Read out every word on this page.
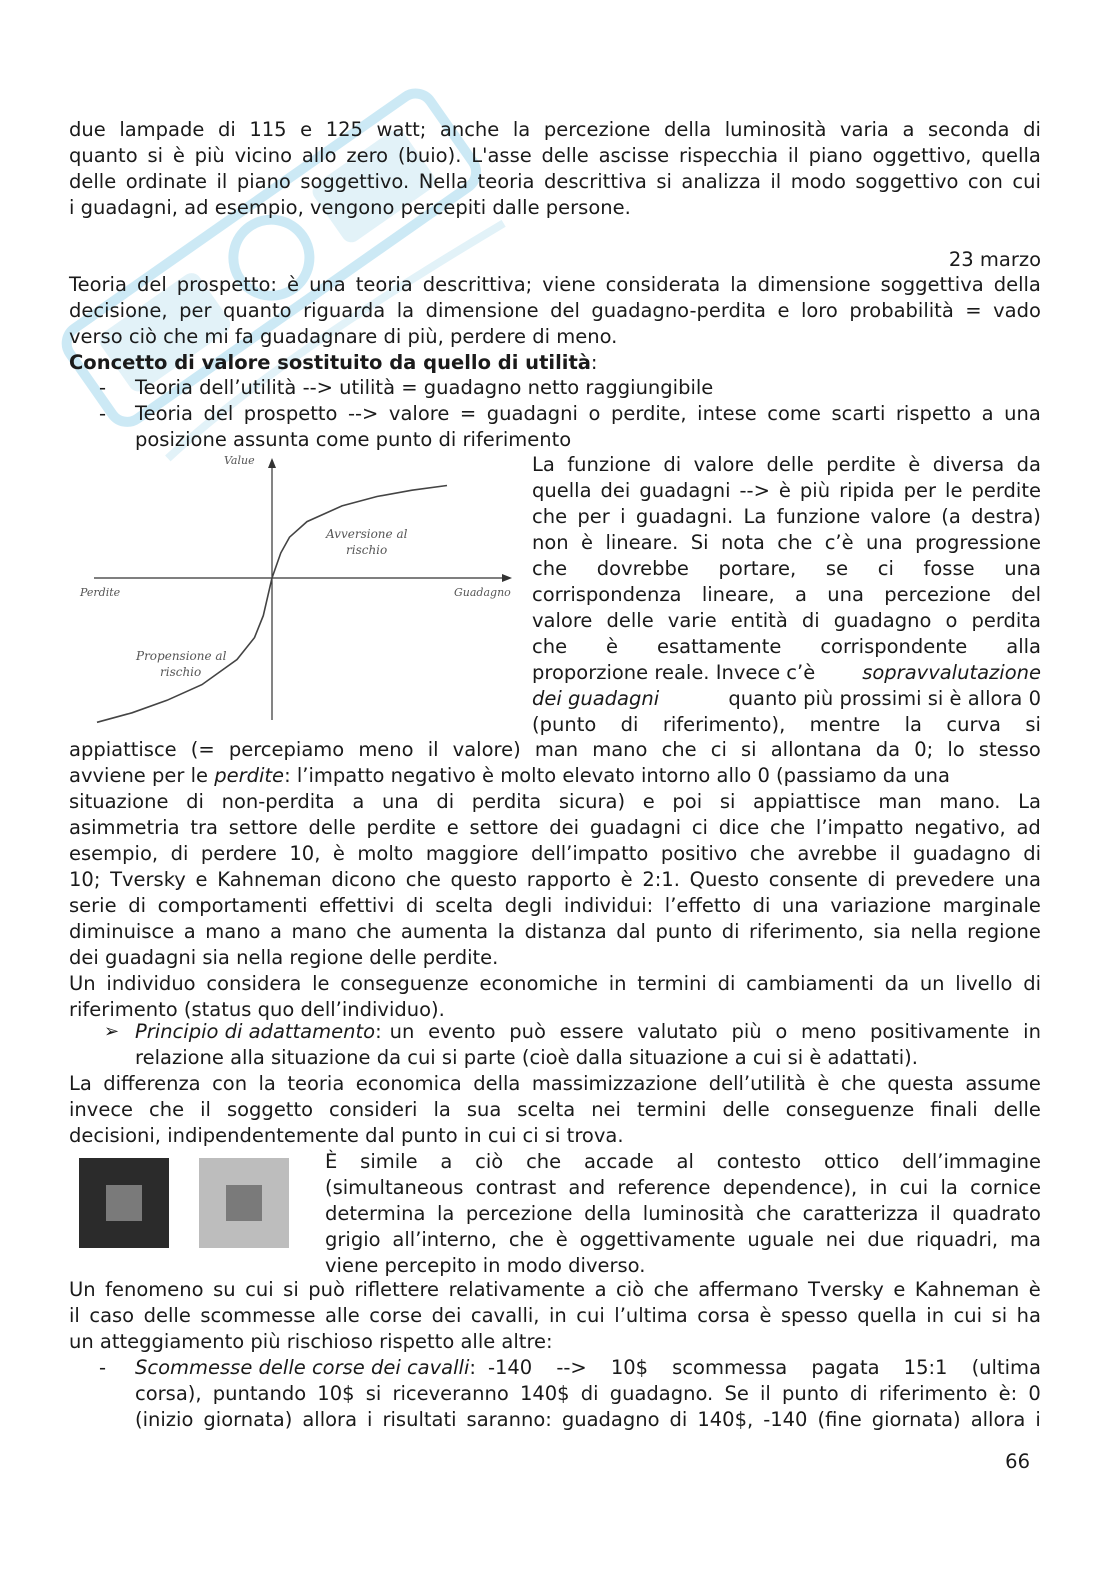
due lampade di 115 e 125 watt; anche la percezione della luminosità varia a seconda di
quanto si è più vicino allo zero (buio). L'asse delle ascisse rispecchia il piano oggettivo, quella
delle ordinate il piano soggettivo. Nella teoria descrittiva si analizza il modo soggettivo con cui
i guadagni, ad esempio, vengono percepiti dalle persone.
23 marzo
Teoria del prospetto: è una teoria descrittiva; viene considerata la dimensione soggettiva della
decisione, per quanto riguarda la dimensione del guadagno-perdita e loro probabilità = vado
verso ciò che mi fa guadagnare di più, perdere di meno.
Concetto di valore sostituito da quello di utilità:
- Teoria dell’utilità --> utilità = guadagno netto raggiungibile
- Teoria del prospetto --> valore = guadagni o perdite, intese come scarti rispetto a una
posizione assunta come punto di riferimento
Value
Perdite	Guadagno
Avversione al
rischio
Propensione al
rischio
La funzione di valore delle perdite è diversa da
quella dei guadagni --> è più ripida per le perdite
che per i guadagni. La funzione valore (a destra)
non è lineare. Si nota che c’è una progressione
che dovrebbe portare, se ci fosse una
corrispondenza lineare, a una percezione del
valore delle varie entità di guadagno o perdita
che è esattamente corrispondente alla
proporzione reale. Invece c’è sopravvalutazione
dei guadagni	quanto più prossimi si è allora 0
(punto di riferimento), mentre la curva si
appiattisce (= percepiamo meno il valore) man mano che ci si allontana da 0; lo stesso
avviene per le perdite: l’impatto negativo è molto elevato intorno allo 0 (passiamo da una
situazione di non-perdita a una di perdita sicura) e poi si appiattisce man mano. La
asimmetria tra settore delle perdite e settore dei guadagni ci dice che l’impatto negativo, ad
esempio, di perdere 10, è molto maggiore dell’impatto positivo che avrebbe il guadagno di
10; Tversky e Kahneman dicono che questo rapporto è 2:1. Questo consente di prevedere una
serie di comportamenti effettivi di scelta degli individui: l’effetto di una variazione marginale
diminuisce a mano a mano che aumenta la distanza dal punto di riferimento, sia nella regione
dei guadagni sia nella regione delle perdite.
Un individuo considera le conseguenze economiche in termini di cambiamenti da un livello di
riferimento (status quo dell’individuo).
➢ Principio di adattamento : un evento può essere valutato più o meno positivamente in
relazione alla situazione da cui si parte (cioè dalla situazione a cui si è adattati).
La differenza con la teoria economica della massimizzazione dell’utilità è che questa assume
invece che il soggetto consideri la sua scelta nei termini delle conseguenze finali delle
decisioni, indipendentemente dal punto in cui ci si trova.
È simile a ciò che accade al contesto ottico dell’immagine
(simultaneous contrast and reference dependence), in cui la cornice
determina la percezione della luminosità che caratterizza il quadrato
grigio all’interno, che è oggettivamente uguale nei due riquadri, ma
viene percepito in modo diverso.
Un fenomeno su cui si può riflettere relativamente a ciò che affermano Tversky e Kahneman è
il caso delle scommesse alle corse dei cavalli, in cui l’ultima corsa è spesso quella in cui si ha
un atteggiamento più rischioso rispetto alle altre:
- Scommesse delle corse dei cavalli: -140 --> 10$ scommessa pagata 15:1 (ultima
corsa), puntando 10$ si riceveranno 140$ di guadagno. Se il punto di riferimento è: 0
(inizio giornata) allora i risultati saranno: guadagno di 140$, -140 (fine giornata) allora i
66
